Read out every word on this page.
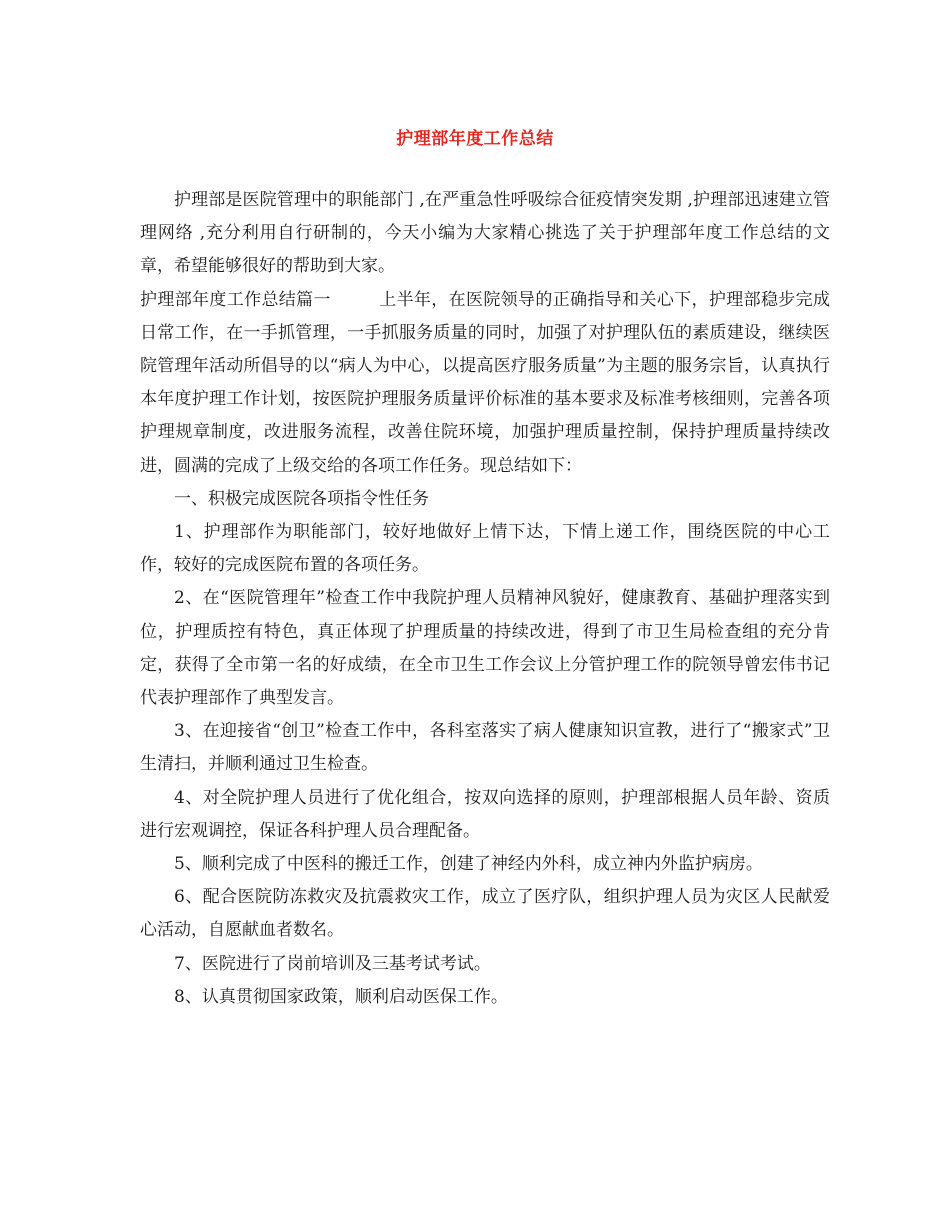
护理部年度工作总结

护理部是医院管理中的职能部门 ,在严重急性呼吸综合征疫情突发期 ,护理部迅速建立管理网络 ,充分利用自行研制的，今天小编为大家精心挑选了关于护理部年度工作总结的文章，希望能够很好的帮助到大家。

护理部年度工作总结篇一	上半年，在医院领导的正确指导和关心下，护理部稳步完成日常工作，在一手抓管理，一手抓服务质量的同时，加强了对护理队伍的素质建设，继续医院管理年活动所倡导的以“病人为中心，以提高医疗服务质量”为主题的服务宗旨，认真执行本年度护理工作计划，按医院护理服务质量评价标准的基本要求及标准考核细则，完善各项护理规章制度，改进服务流程，改善住院环境，加强护理质量控制，保持护理质量持续改进，圆满的完成了上级交给的各项工作任务。现总结如下：

一、积极完成医院各项指令性任务

1、护理部作为职能部门，较好地做好上情下达，下情上递工作，围绕医院的中心工作，较好的完成医院布置的各项任务。

2、在“医院管理年”检查工作中我院护理人员精神风貌好，健康教育、基础护理落实到位，护理质控有特色，真正体现了护理质量的持续改进，得到了市卫生局检查组的充分肯定，获得了全市第一名的好成绩，在全市卫生工作会议上分管护理工作的院领导曾宏伟书记代表护理部作了典型发言。

3、在迎接省“创卫”检查工作中，各科室落实了病人健康知识宣教，进行了“搬家式”卫生清扫，并顺利通过卫生检查。

4、对全院护理人员进行了优化组合，按双向选择的原则，护理部根据人员年龄、资质进行宏观调控，保证各科护理人员合理配备。

5、顺利完成了中医科的搬迁工作，创建了神经内外科，成立神内外监护病房。

6、配合医院防冻救灾及抗震救灾工作，成立了医疗队，组织护理人员为灾区人民献爱心活动，自愿献血者数名。

7、医院进行了岗前培训及三基考试考试。

8、认真贯彻国家政策，顺利启动医保工作。
